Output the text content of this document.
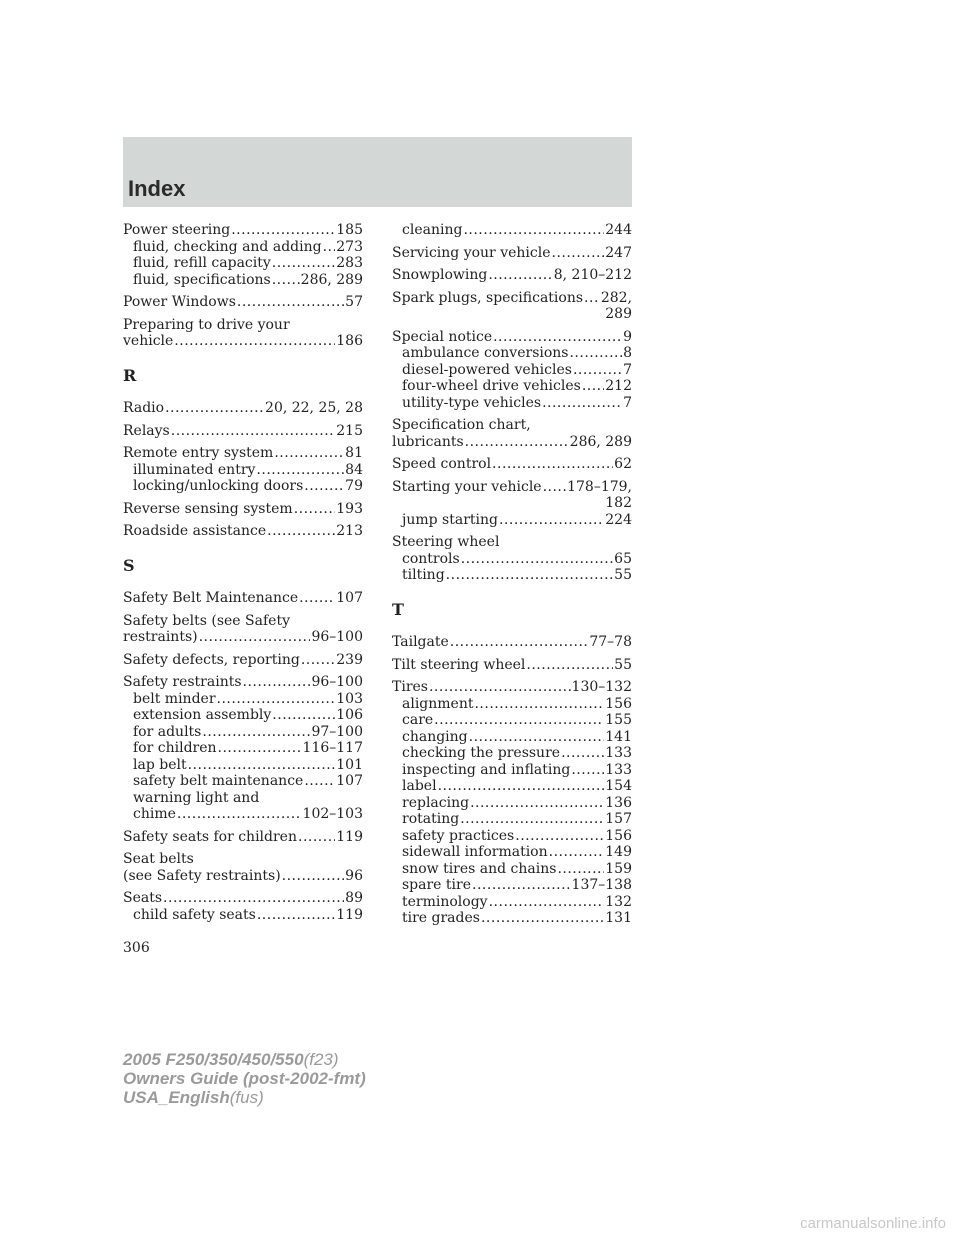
Index
Power steering .....	185
fluid, checking and adding ..... 273
fluid, refill capacity .....	283
fluid, specifications ..... 286, 289
Power Windows .....	57
Preparing to drive your
vehicle .....	186
R
Radio .....	20, 22, 25, 28
Relays .....	215
Remote entry system .....	81
illuminated entry .....	84
locking/unlocking doors .....	79
Reverse sensing system .....	193
Roadside assistance .....	213
S
Safety Belt Maintenance .....	107
Safety belts (see Safety
restraints) .....	96–100
Safety defects, reporting .....	239
Safety restraints .....	96–100
belt minder .....	103
extension assembly .....	106
for adults .....	97–100
for children .....	116–117
lap belt .....	101
safety belt maintenance ..... 107
warning light and
chime .....	102–103
Safety seats for children .....	119
Seat belts
(see Safety restraints) .....	96
Seats .....	89
child safety seats .....	119
cleaning .....	244
Servicing your vehicle .....	247
Snowplowing .....	8, 210–212
Spark plugs, specifications ..... 282,
289
Special notice .....	9
ambulance conversions .....	8
diesel-powered vehicles .....	7
four-wheel drive vehicles ..... 212
utility-type vehicles .....	7
Specification chart,
lubricants .....	286, 289
Speed control .....	62
Starting your vehicle ..... 178–179,
182
jump starting .....	224
Steering wheel
controls .....	65
tilting .....	55
T
Tailgate .....	77–78
Tilt steering wheel .....	55
Tires .....	130–132
alignment .....	156
care .....	155
changing .....	141
checking the pressure .....	133
inspecting and inflating ..... 133
label .....	154
replacing .....	136
rotating .....	157
safety practices .....	156
sidewall information .....	149
snow tires and chains .....	159
spare tire .....	137–138
terminology .....	132
tire grades .....	131
306
2005 F250/350/450/550(f23)
Owners Guide (post-2002-fmt)
USA_English(fus)
carmanualsonline.info
